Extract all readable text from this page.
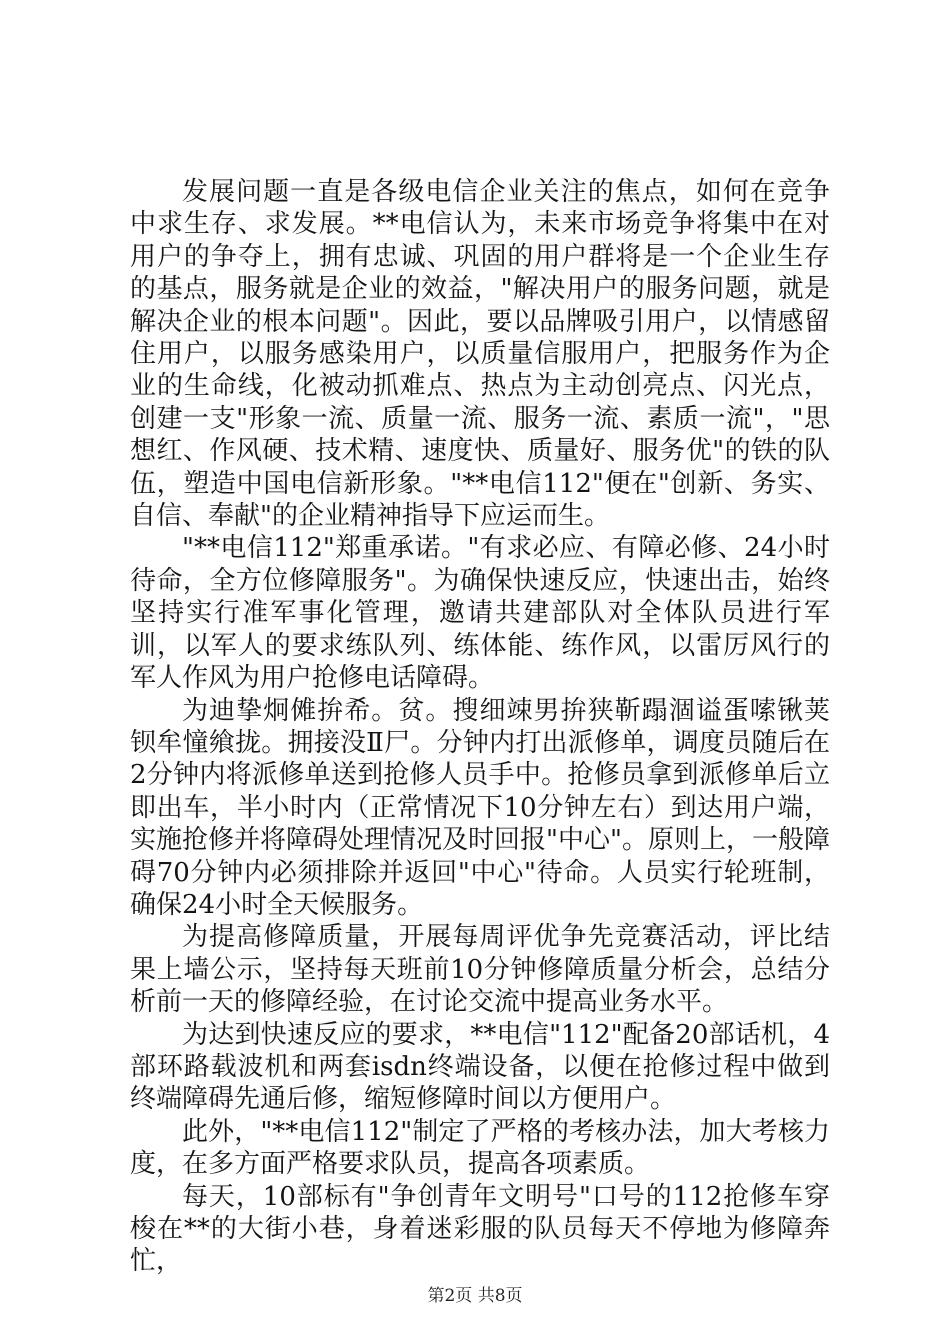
发展问题一直是各级电信企业关注的焦点，如何在竞争中求生存、求发展。**电信认为，未来市场竞争将集中在对用户的争夺上，拥有忠诚、巩固的用户群将是一个企业生存的基点，服务就是企业的效益，"解决用户的服务问题，就是解决企业的根本问题"。因此，要以品牌吸引用户，以情感留住用户，以服务感染用户，以质量信服用户，把服务作为企业的生命线，化被动抓难点、热点为主动创亮点、闪光点，创建一支"形象一流、质量一流、服务一流、素质一流"，"思想红、作风硬、技术精、速度快、质量好、服务优"的铁的队伍，塑造中国电信新形象。"**电信112"便在"创新、务实、自信、奉献"的企业精神指导下应运而生。

"**电信112"郑重承诺。"有求必应、有障必修、24小时待命，全方位修障服务"。为确保快速反应，快速出击，始终坚持实行准军事化管理，邀请共建部队对全体队员进行军训，以军人的要求练队列、练体能、练作风，以雷厉风行的军人作风为用户抢修电话障碍。

为迪挚炯傩拚希。贫。搜细竦男拚狭靳蹋涸谥蛋嗦锹荚钡牟憧飨拢。拥接没Ⅱ尸。分钟内打出派修单，调度员随后在2分钟内将派修单送到抢修人员手中。抢修员拿到派修单后立即出车，半小时内（正常情况下10分钟左右）到达用户端，实施抢修并将障碍处理情况及时回报"中心"。原则上，一般障碍70分钟内必须排除并返回"中心"待命。人员实行轮班制，确保24小时全天候服务。

为提高修障质量，开展每周评优争先竞赛活动，评比结果上墙公示，坚持每天班前10分钟修障质量分析会，总结分析前一天的修障经验，在讨论交流中提高业务水平。

为达到快速反应的要求，**电信"112"配备20部话机，4部环路载波机和两套isdn终端设备，以便在抢修过程中做到终端障碍先通后修，缩短修障时间以方便用户。

此外，"**电信112"制定了严格的考核办法，加大考核力度，在多方面严格要求队员，提高各项素质。

每天，10部标有"争创青年文明号"口号的112抢修车穿梭在**的大街小巷，身着迷彩服的队员每天不停地为修障奔忙，

第2页 共8页
